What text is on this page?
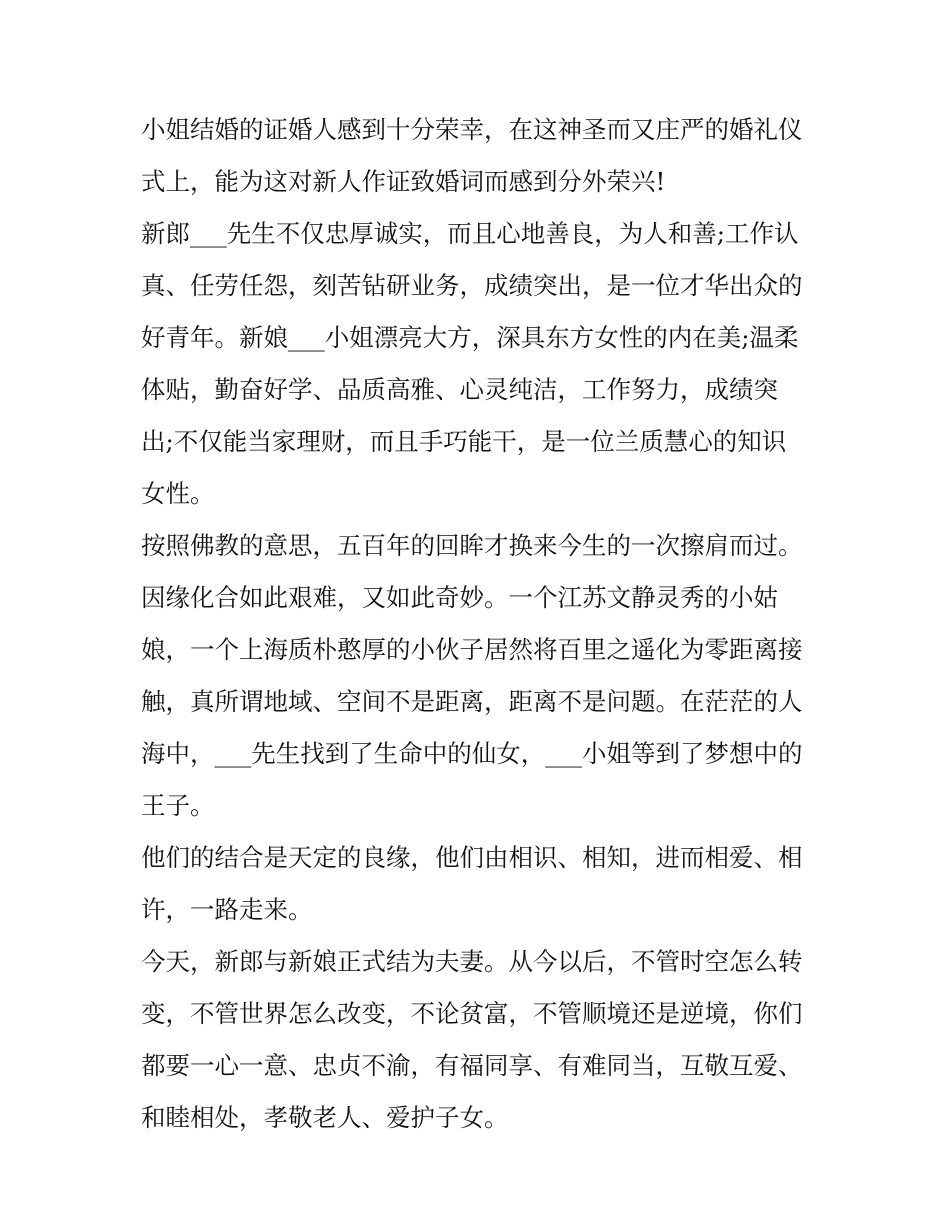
小姐结婚的证婚人感到十分荣幸，在这神圣而又庄严的婚礼仪
式上，能为这对新人作证致婚词而感到分外荣兴!
新郎___先生不仅忠厚诚实，而且心地善良，为人和善;工作认
真、任劳任怨，刻苦钻研业务，成绩突出，是一位才华出众的
好青年。新娘___小姐漂亮大方，深具东方女性的内在美;温柔
体贴，勤奋好学、品质高雅、心灵纯洁，工作努力，成绩突
出;不仅能当家理财，而且手巧能干，是一位兰质慧心的知识
女性。
按照佛教的意思，五百年的回眸才换来今生的一次擦肩而过。
因缘化合如此艰难，又如此奇妙。一个江苏文静灵秀的小姑
娘，一个上海质朴憨厚的小伙子居然将百里之遥化为零距离接
触，真所谓地域、空间不是距离，距离不是问题。在茫茫的人
海中，___先生找到了生命中的仙女，___小姐等到了梦想中的
王子。
他们的结合是天定的良缘，他们由相识、相知，进而相爱、相
许，一路走来。
今天，新郎与新娘正式结为夫妻。从今以后，不管时空怎么转
变，不管世界怎么改变，不论贫富，不管顺境还是逆境，你们
都要一心一意、忠贞不渝，有福同享、有难同当，互敬互爱、
和睦相处，孝敬老人、爱护子女。
